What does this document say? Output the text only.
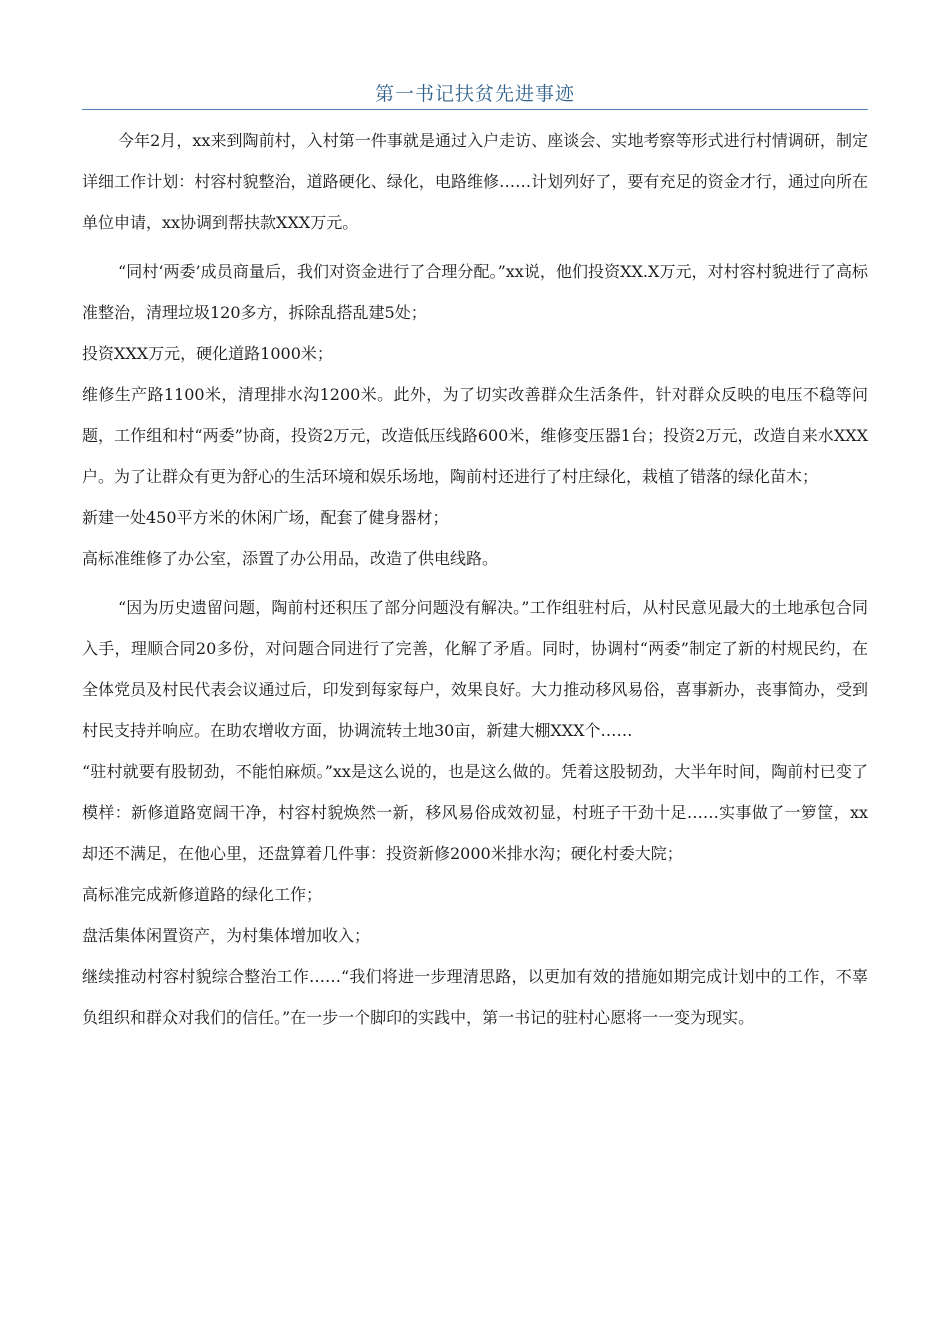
第一书记扶贫先进事迹

今年2月，xx来到陶前村，入村第一件事就是通过入户走访、座谈会、实地考察等形式进行村情调研，制定详细工作计划：村容村貌整治，道路硬化、绿化，电路维修……计划列好了，要有充足的资金才行，通过向所在单位申请，xx协调到帮扶款XXX万元。

“同村‘两委’成员商量后，我们对资金进行了合理分配。”xx说，他们投资XX.X万元，对村容村貌进行了高标准整治，清理垃圾120多方，拆除乱搭乱建5处；

投资XXX万元，硬化道路1000米；

维修生产路1100米，清理排水沟1200米。此外，为了切实改善群众生活条件，针对群众反映的电压不稳等问题，工作组和村“两委”协商，投资2万元，改造低压线路600米，维修变压器1台；投资2万元，改造自来水XXX户。为了让群众有更为舒心的生活环境和娱乐场地，陶前村还进行了村庄绿化，栽植了错落的绿化苗木；

新建一处450平方米的休闲广场，配套了健身器材；

高标准维修了办公室，添置了办公用品，改造了供电线路。

“因为历史遗留问题，陶前村还积压了部分问题没有解决。”工作组驻村后，从村民意见最大的土地承包合同入手，理顺合同20多份，对问题合同进行了完善，化解了矛盾。同时，协调村“两委”制定了新的村规民约，在全体党员及村民代表会议通过后，印发到每家每户，效果良好。大力推动移风易俗，喜事新办，丧事简办，受到村民支持并响应。在助农增收方面，协调流转土地30亩，新建大棚XXX个……

“驻村就要有股韧劲，不能怕麻烦。”xx是这么说的，也是这么做的。凭着这股韧劲，大半年时间，陶前村已变了模样：新修道路宽阔干净，村容村貌焕然一新，移风易俗成效初显，村班子干劲十足……实事做了一箩筐，xx却还不满足，在他心里，还盘算着几件事：投资新修2000米排水沟；硬化村委大院；

高标准完成新修道路的绿化工作；

盘活集体闲置资产，为村集体增加收入；

继续推动村容村貌综合整治工作……“我们将进一步理清思路，以更加有效的措施如期完成计划中的工作，不辜负组织和群众对我们的信任。”在一步一个脚印的实践中，第一书记的驻村心愿将一一变为现实。
